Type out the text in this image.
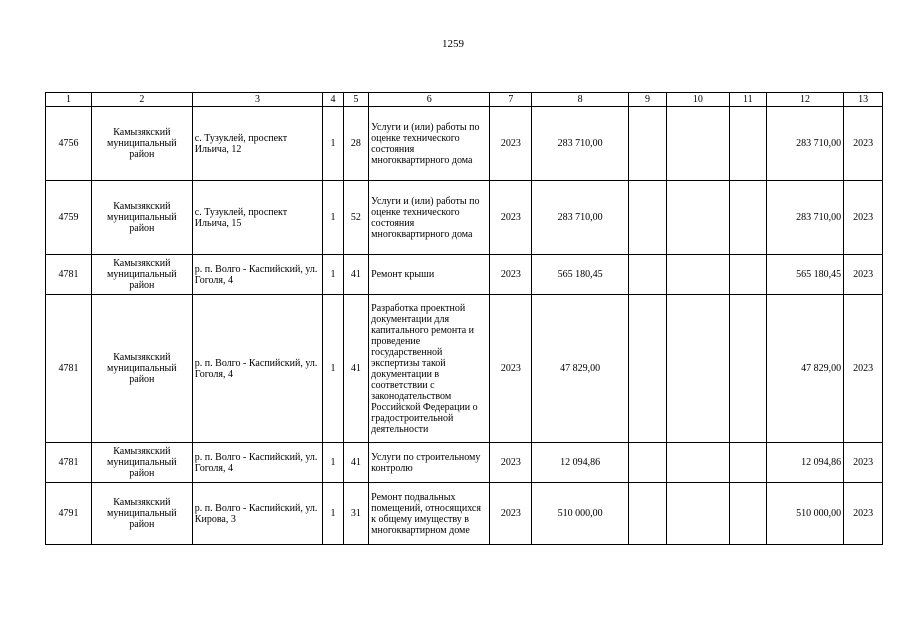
1259
1	2	3	4	5	6	7	8	9	10	11	12	13
4756	Камызякский муниципальный район	с. Тузуклей, проспект Ильича, 12	1	28	Услуги и (или) работы по оценке технического состояния многоквартирного дома	2023	283 710,00				283 710,00	2023
4759	Камызякский муниципальный район	с. Тузуклей, проспект Ильича, 15	1	52	Услуги и (или) работы по оценке технического состояния многоквартирного дома	2023	283 710,00				283 710,00	2023
4781	Камызякский муниципальный район	р. п. Волго - Каспийский, ул. Гоголя, 4	1	41	Ремонт крыши	2023	565 180,45				565 180,45	2023
4781	Камызякский муниципальный район	р. п. Волго - Каспийский, ул. Гоголя, 4	1	41	Разработка проектной документации для капитального ремонта и проведение государственной экспертизы такой документации в соответствии с законодательством Российской Федерации о градостроительной деятельности	2023	47 829,00				47 829,00	2023
4781	Камызякский муниципальный район	р. п. Волго - Каспийский, ул. Гоголя, 4	1	41	Услуги по строительному контролю	2023	12 094,86				12 094,86	2023
4791	Камызякский муниципальный район	р. п. Волго - Каспийский, ул. Кирова, 3	1	31	Ремонт подвальных помещений, относящихся к общему имуществу в многоквартирном доме	2023	510 000,00				510 000,00	2023
